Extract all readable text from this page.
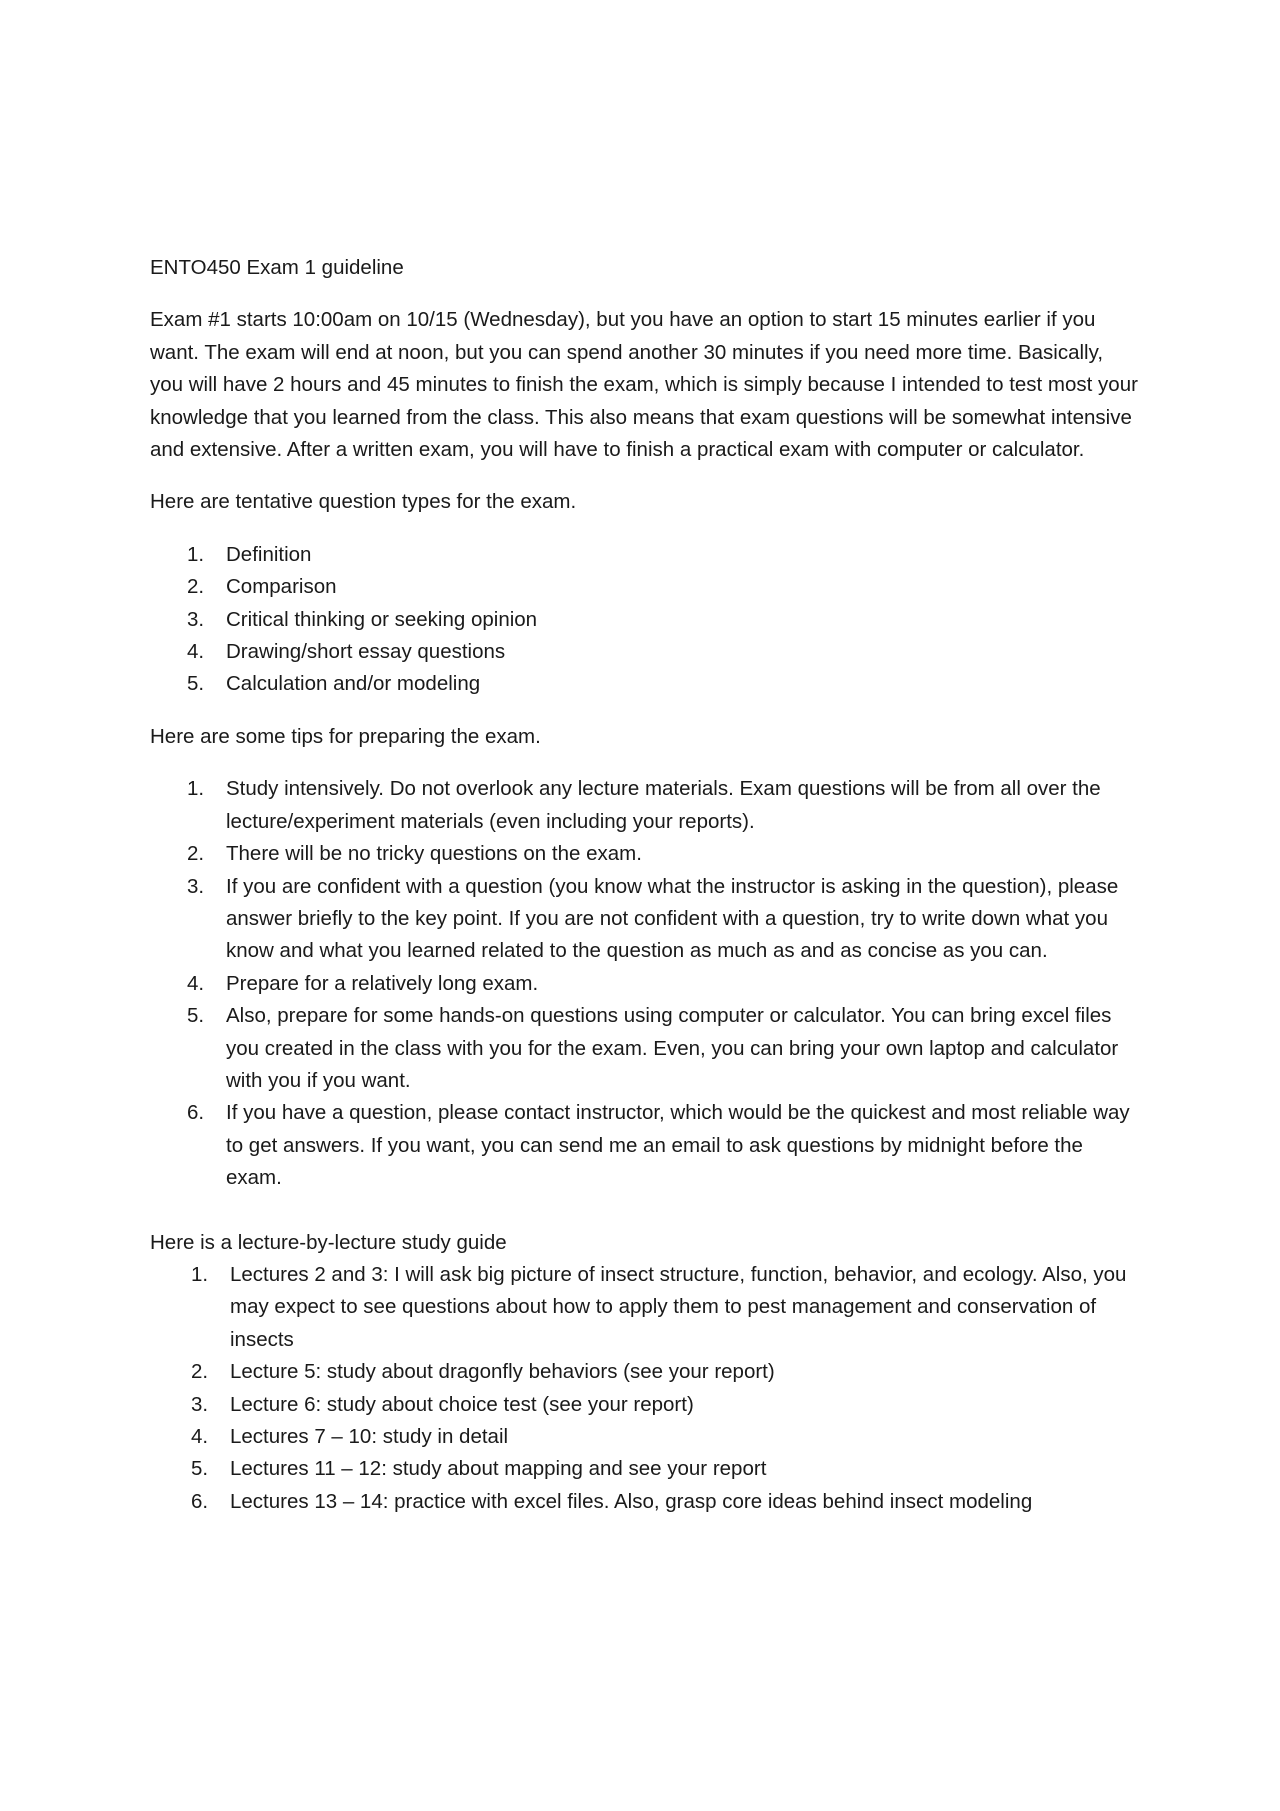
ENTO450 Exam 1 guideline

Exam #1 starts 10:00am on 10/15 (Wednesday), but you have an option to start 15 minutes earlier if you want. The exam will end at noon, but you can spend another 30 minutes if you need more time. Basically, you will have 2 hours and 45 minutes to finish the exam, which is simply because I intended to test most your knowledge that you learned from the class. This also means that exam questions will be somewhat intensive and extensive. After a written exam, you will have to finish a practical exam with computer or calculator.

Here are tentative question types for the exam.

1. Definition
2. Comparison
3. Critical thinking or seeking opinion
4. Drawing/short essay questions
5. Calculation and/or modeling

Here are some tips for preparing the exam.

1. Study intensively. Do not overlook any lecture materials. Exam questions will be from all over the lecture/experiment materials (even including your reports).
2. There will be no tricky questions on the exam.
3. If you are confident with a question (you know what the instructor is asking in the question), please answer briefly to the key point. If you are not confident with a question, try to write down what you know and what you learned related to the question as much as and as concise as you can.
4. Prepare for a relatively long exam.
5. Also, prepare for some hands-on questions using computer or calculator. You can bring excel files you created in the class with you for the exam. Even, you can bring your own laptop and calculator with you if you want.
6. If you have a question, please contact instructor, which would be the quickest and most reliable way to get answers. If you want, you can send me an email to ask questions by midnight before the exam.

Here is a lecture-by-lecture study guide

1. Lectures 2 and 3: I will ask big picture of insect structure, function, behavior, and ecology. Also, you may expect to see questions about how to apply them to pest management and conservation of insects
2. Lecture 5: study about dragonfly behaviors (see your report)
3. Lecture 6: study about choice test (see your report)
4. Lectures 7 – 10: study in detail
5. Lectures 11 – 12: study about mapping and see your report
6. Lectures 13 – 14: practice with excel files. Also, grasp core ideas behind insect modeling
